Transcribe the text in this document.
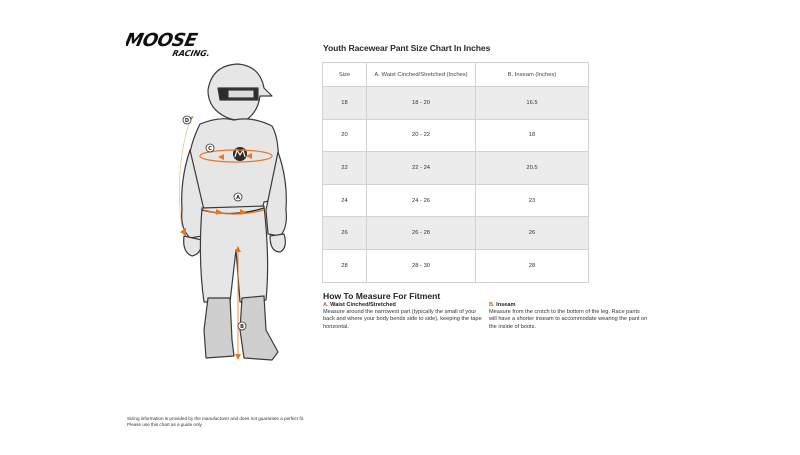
MOOSE
RACING.
A
B
C
D
Youth Racewear Pant Size Chart In Inches
Size	A. Waist Cinched/Stretched (Inches)	B. Inseam (Inches)
18	18 - 20	16.5
20	20 - 22	18
22	22 - 24	20.5
24	24 - 26	23
26	26 - 28	26
28	28 - 30	28
How To Measure For Fitment
A. Waist Cinched/Stretched
Measure around the narrowest part (typically the small of your back and where your body bends side to side), keeping the tape horizontal.
B. Inseam
Measure from the crotch to the bottom of the leg. Race pants will have a shorter inseam to accommodate wearing the pant on the inside of boots.
Sizing information is provided by the manufacturer and does not guarantee a perfect fit.
Please use this chart as a guide only
